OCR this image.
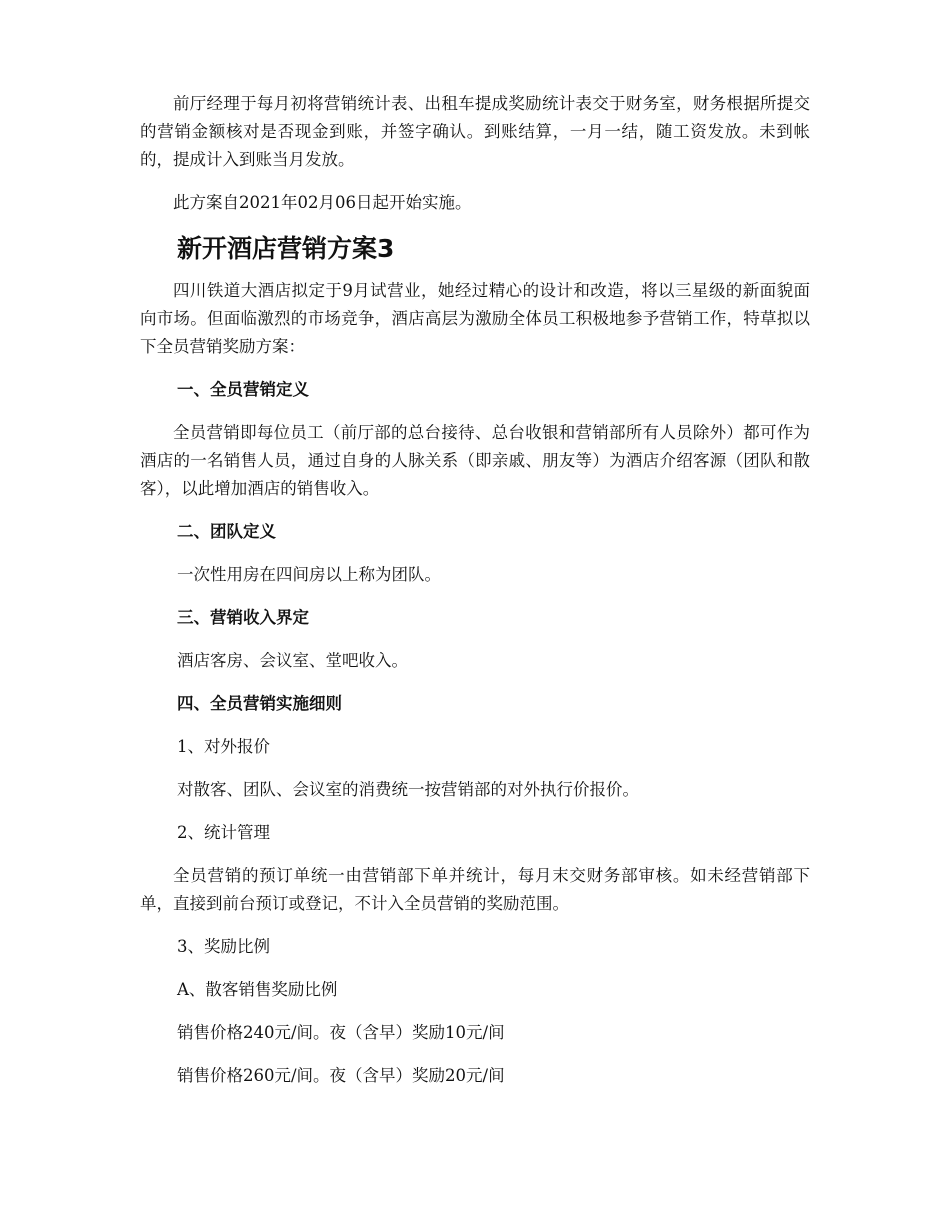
前厅经理于每月初将营销统计表、出租车提成奖励统计表交于财务室，财务根据所提交的营销金额核对是否现金到账，并签字确认。到账结算，一月一结，随工资发放。未到帐的，提成计入到账当月发放。

此方案自2021年02月06日起开始实施。

新开酒店营销方案3

四川铁道大酒店拟定于9月试营业，她经过精心的设计和改造，将以三星级的新面貌面向市场。但面临激烈的市场竞争，酒店高层为激励全体员工积极地参予营销工作，特草拟以下全员营销奖励方案：

一、全员营销定义

全员营销即每位员工（前厅部的总台接待、总台收银和营销部所有人员除外）都可作为酒店的一名销售人员，通过自身的人脉关系（即亲戚、朋友等）为酒店介绍客源（团队和散客），以此增加酒店的销售收入。

二、团队定义

一次性用房在四间房以上称为团队。

三、营销收入界定

酒店客房、会议室、堂吧收入。

四、全员营销实施细则

1、对外报价

对散客、团队、会议室的消费统一按营销部的对外执行价报价。

2、统计管理

全员营销的预订单统一由营销部下单并统计，每月末交财务部审核。如未经营销部下单，直接到前台预订或登记，不计入全员营销的奖励范围。

3、奖励比例

A、散客销售奖励比例

销售价格240元/间。夜（含早）奖励10元/间

销售价格260元/间。夜（含早）奖励20元/间
